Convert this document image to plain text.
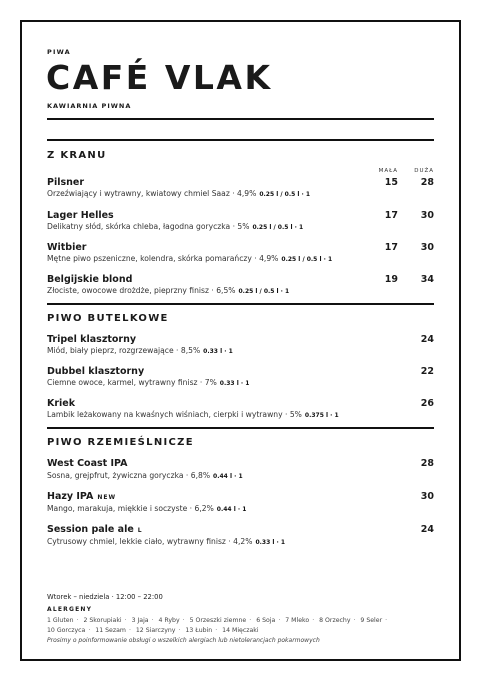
PIWA

CAFÉ VLAK

KAWIARNIA PIWNA

Z KRANU
MAŁA	DUŻA
Pilsner
Orzeźwiający i wytrawny, kwiatowy chmiel Saaz · 4,9% 0.25 l / 0.5 l · 1
15	28
Lager Helles
Delikatny słód, skórka chleba, łagodna goryczka · 5% 0.25 l / 0.5 l · 1
17	30
Witbier
Mętne piwo pszeniczne, kolendra, skórka pomarańczy · 4,9% 0.25 l / 0.5 l · 1
17	30
Belgijskie blond
Złociste, owocowe drożdże, pieprzny finisz · 6,5% 0.25 l / 0.5 l · 1
19	34
PIWO BUTELKOWE
Tripel klasztorny
Miód, biały pieprz, rozgrzewające · 8,5% 0.33 l · 1
24
Dubbel klasztorny
Ciemne owoce, karmel, wytrawny finisz · 7% 0.33 l · 1
22
Kriek
Lambik leżakowany na kwaśnych wiśniach, cierpki i wytrawny · 5% 0.375 l · 1
26
PIWO RZEMIEŚLNICZE
West Coast IPA
Sosna, grejpfrut, żywiczna goryczka · 6,8% 0.44 l · 1
28
Hazy IPA NEW
Mango, marakuja, miękkie i soczyste · 6,2% 0.44 l · 1
30
Session pale ale L
Cytrusowy chmiel, lekkie ciało, wytrawny finisz · 4,2% 0.33 l · 1
24
Wtorek – niedziela · 12:00 – 22:00
ALERGENY
1 Gluten · 2 Skorupiaki · 3 Jaja · 4 Ryby · 5 Orzeszki ziemne · 6 Soja · 7 Mleko · 8 Orzechy · 9 Seler · 10 Gorczyca · 11 Sezam · 12 Siarczyny · 13 Łubin · 14 Mięczaki
Prosimy o poinformowanie obsługi o wszelkich alergiach lub nietolerancjach pokarmowych
